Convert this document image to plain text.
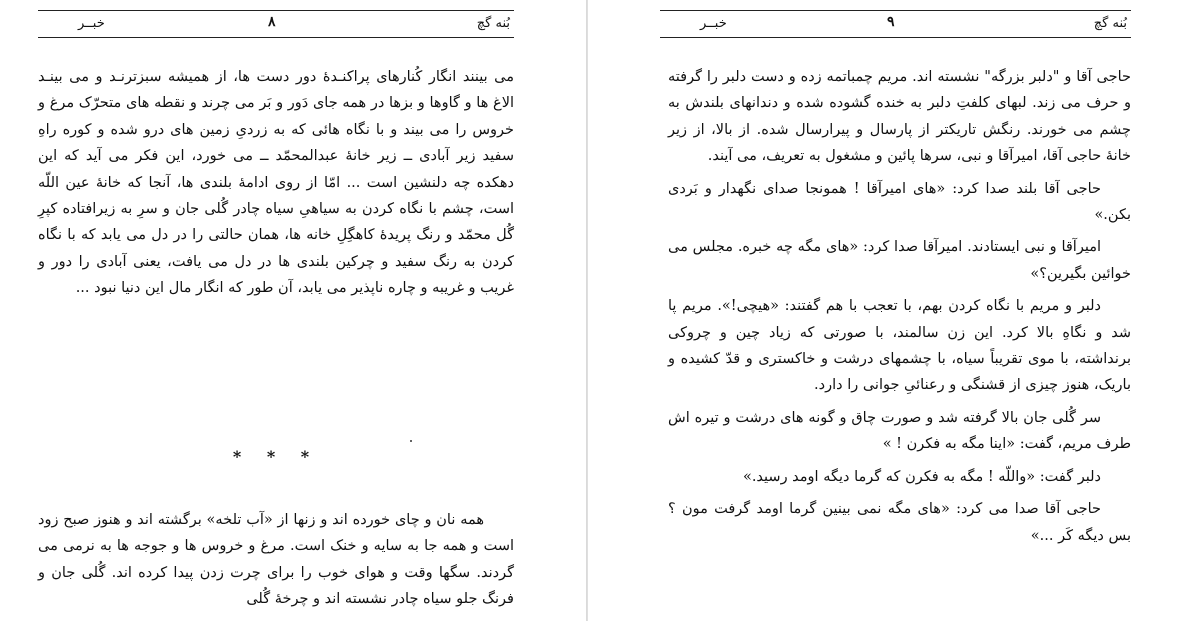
بُنه گچ
۸
خبــر

می بینند انگار کُنارهای پراکنـدهٔ دور دست ها، از همیشه سبزترنـد و می بینـد الاغ ها و گاوها و بزها در همه جای دَور و بَر می چرند و نقطه های متحرّک مرغ و خروس را می بیند و با نگاه هائی که به زردیِ زمین های درو شده و کوره راهِ سفید زیر آبادی ــ زیر خانهٔ عبدالمحمّد ــ می خورد، این فکر می آید که این دهکده چه دلنشین است ... امّا از روی ادامهٔ بلندی ها، آنجا که خانهٔ عین اللّه است، چشم با نگاه کردن به سیاهیِ سیاه چادر گُلی جان و سرِ به زیرافتاده کپرِ گُل محمّد و رنگ پریدهٔ کاهگِلِ خانه ها، همان حالتی را در دل می یابد که با نگاه کردن به رنگ سفید و چرکین بلندی ها در دل می یافت، یعنی آبادی را دور و غریب و غریبه و چاره ناپذیر می یابد، آن طور که انگار مال این دنیا نبود ...

* * *

همه نان و چای خورده اند و زنها از «آب تلخه» برگشته اند و هنوز صبح زود است و همه جا به سایه و خنک است. مرغ و خروس ها و جوجه ها به نرمی می گردند. سگها وقت و هوای خوب را برای چرت زدن پیدا کرده اند. گُلی جان و فرنگ جلو سیاه چادر نشسته اند و چرخهٔ گُلی

بُنه گچ
۹
خبــر

حاجی آقا و "دلبر بزرگه" نشسته اند. مریم چمباتمه زده و دست دلبر را گرفته و حرف می زند. لبهای کلفتِ دلبر به خنده گشوده شده و دندانهای بلندش به چشم می خورند. رنگش تاریکتر از پارسال و پیرارسال شده. از بالا، از زیر خانهٔ حاجی آقا، امیرآقا و نبی، سرها پائین و مشغول به تعریف، می آیند.

حاجی آقا بلند صدا کرد: «های امیرآقا ! همونجا صدای نگهدار و بَردی بکن.»

امیرآقا و نبی ایستادند. امیرآقا صدا کرد: «های مگه چه خبره. مجلس می خوائین بگیرین؟»

دلبر و مریم با نگاه کردن بهم، با تعجب با هم گفتند: «هیچی!». مریم پا شد و نگاهِ بالا کرد. این زن سالمند، با صورتی که زیاد چین و چروکی برنداشته، با موی تقریباً سیاه، با چشمهای درشت و خاکستری و قدّ کشیده و باریک، هنوز چیزی از قشنگی و رعنائیِ جوانی را دارد.

سر گُلی جان بالا گرفته شد و صورت چاق و گونه های درشت و تیره اش طرف مریم، گفت: «اینا مگه به فکرن ! »

دلبر گفت: «واللّه ! مگه به فکرن که گرما دیگه اومد رسید.»

حاجی آقا صدا می کرد: «های مگه نمی بینین گرما اومد گرفت مون ؟ بس دیگه کَر ...»
